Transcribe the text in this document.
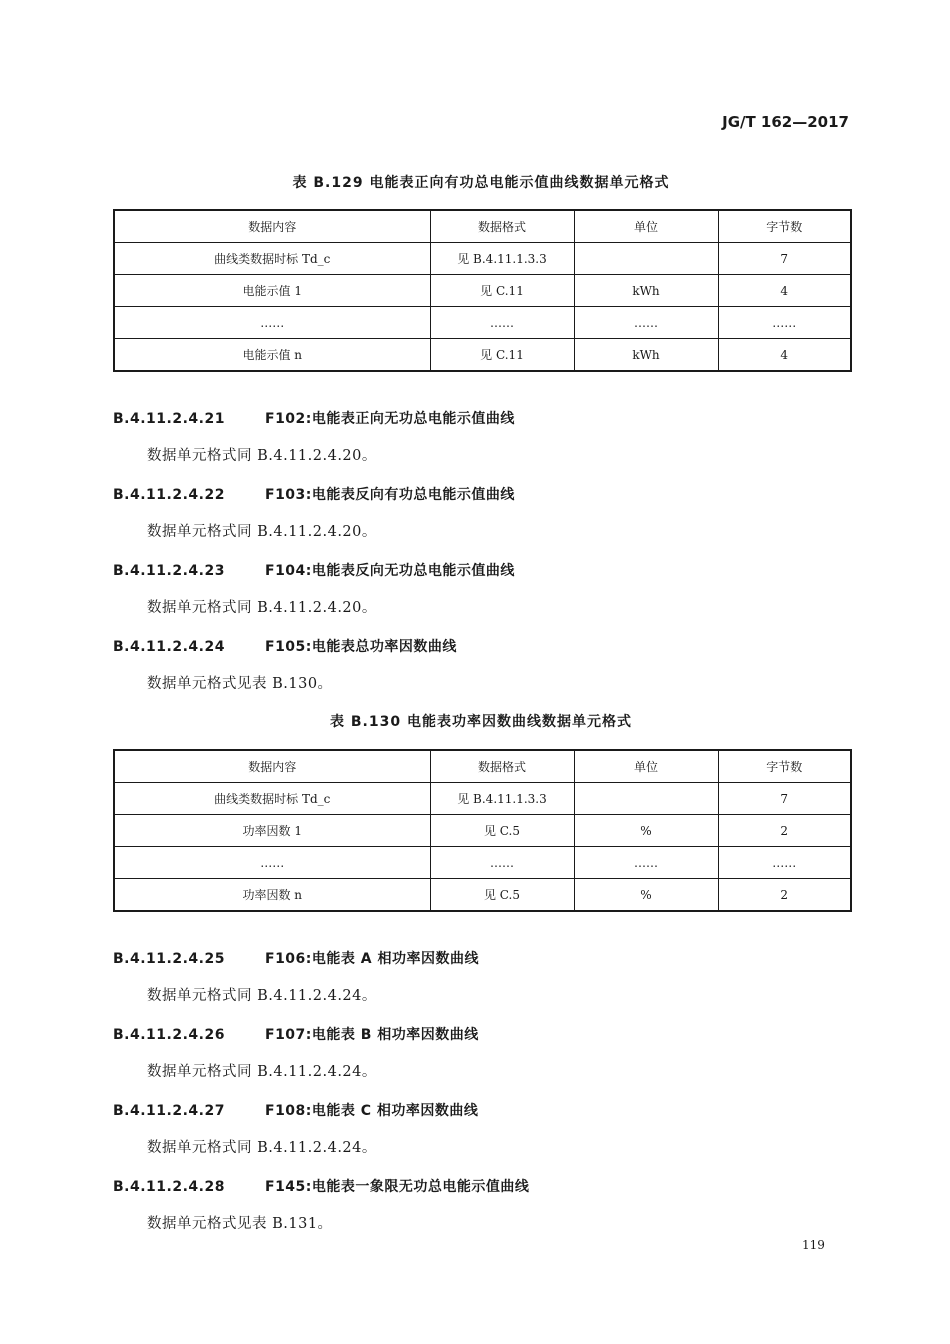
JG/T 162—2017
表 B.129 电能表正向有功总电能示值曲线数据单元格式
数据内容	数据格式	单位	字节数
曲线类数据时标 Td_c	见 B.4.11.1.3.3		7
电能示值 1	见 C.11	kWh	4
……	……	……	……
电能示值 n	见 C.11	kWh	4
B.4.11.2.4.21	F102:电能表正向无功总电能示值曲线
数据单元格式同 B.4.11.2.4.20。
B.4.11.2.4.22	F103:电能表反向有功总电能示值曲线
数据单元格式同 B.4.11.2.4.20。
B.4.11.2.4.23	F104:电能表反向无功总电能示值曲线
数据单元格式同 B.4.11.2.4.20。
B.4.11.2.4.24	F105:电能表总功率因数曲线
数据单元格式见表 B.130。
表 B.130 电能表功率因数曲线数据单元格式
数据内容	数据格式	单位	字节数
曲线类数据时标 Td_c	见 B.4.11.1.3.3		7
功率因数 1	见 C.5	%	2
……	……	……	……
功率因数 n	见 C.5	%	2
B.4.11.2.4.25	F106:电能表 A 相功率因数曲线
数据单元格式同 B.4.11.2.4.24。
B.4.11.2.4.26	F107:电能表 B 相功率因数曲线
数据单元格式同 B.4.11.2.4.24。
B.4.11.2.4.27	F108:电能表 C 相功率因数曲线
数据单元格式同 B.4.11.2.4.24。
B.4.11.2.4.28	F145:电能表一象限无功总电能示值曲线
数据单元格式见表 B.131。
119
